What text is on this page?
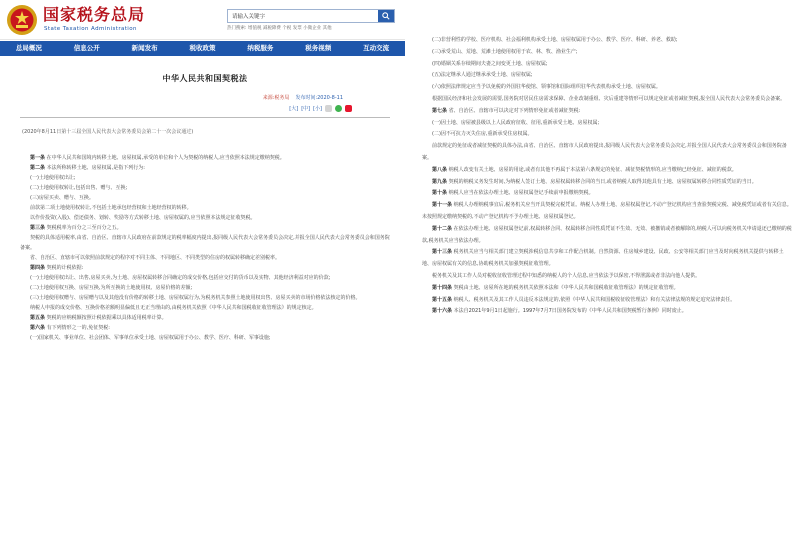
国家税务总局
State Taxation Administration
请输入关键字	热门搜索: 增值税 减税降费 个税 发票 小微企业 其他
总局概况	信息公开	新闻发布	税收政策	纳税服务	税务视频	互动交流
中华人民共和国契税法
来源:税务局 发布时间:2020-8-11
[大] [中] [小]
(2020年8月11日第十三届全国人民代表大会常务委员会第二十一次会议通过)
第一条 在中华人民共和国境内转移土地、房屋权属,承受的单位和个人为契税的纳税人,应当依照本法规定缴纳契税。
第二条 本法所称转移土地、房屋权属,是指下列行为:
(一)土地使用权出让;
(二)土地使用权转让,包括出售、赠与、互换;
(三)房屋买卖、赠与、互换。
前款第二项土地使用权转让,不包括土地承包经营权和土地经营权的转移。
以作价投资(入股)、偿还债务、划转、奖励等方式转移土地、房屋权属的,应当依照本法规定征收契税。
第三条 契税税率为百分之三至百分之五。
契税的具体适用税率,由省、自治区、直辖市人民政府在前款规定的税率幅度内提出,报同级人民代表大会常务委员会决定,并报全国人民代表大会常务委员会和国务院备案。
省、自治区、直辖市可以依照前款规定的程序对不同主体、不同地区、不同类型的住房的权属转移确定差别税率。
第四条 契税的计税依据:
(一)土地使用权出让、出售,房屋买卖,为土地、房屋权属转移合同确定的成交价格,包括应交付的货币以及实物、其他经济利益对应的价款;
(二)土地使用权互换、房屋互换,为所互换的土地使用权、房屋价格的差额;
(三)土地使用权赠与、房屋赠与以及其他没有价格的转移土地、房屋权属行为,为税务机关参照土地使用权出售、房屋买卖的市场价格依法核定的价格。
纳税人申报的成交价格、互换价格差额明显偏低且无正当理由的,由税务机关依照《中华人民共和国税收征收管理法》的规定核定。
第五条 契税的应纳税额按照计税依据乘以具体适用税率计算。
第六条 有下列情形之一的,免征契税:
(一)国家机关、事业单位、社会团体、军事单位承受土地、房屋权属用于办公、教学、医疗、科研、军事设施;
(二)非营利性的学校、医疗机构、社会福利机构承受土地、房屋权属用于办公、教学、医疗、科研、养老、救助;
(三)承受荒山、荒地、荒滩土地使用权用于农、林、牧、渔业生产;
(四)婚姻关系存续期间夫妻之间变更土地、房屋权属;
(五)法定继承人通过继承承受土地、房屋权属;
(六)依照法律规定应当予以免税的外国驻华使馆、领事馆和国际组织驻华代表机构承受土地、房屋权属。
根据国民经济和社会发展的需要,国务院对居民住房需求保障、企业改制重组、灾后重建等情形可以规定免征或者减征契税,报全国人民代表大会常务委员会备案。
第七条 省、自治区、直辖市可以决定对下列情形免征或者减征契税:
(一)因土地、房屋被县级以上人民政府征收、征用,重新承受土地、房屋权属;
(二)因不可抗力灭失住房,重新承受住房权属。
前款规定的免征或者减征契税的具体办法,由省、自治区、直辖市人民政府提出,报同级人民代表大会常务委员会决定,并报全国人民代表大会常务委员会和国务院备案。
第八条 纳税人改变有关土地、房屋的用途,或者有其他不再属于本法第六条规定的免征、减征契税情形的,应当缴纳已经免征、减征的税款。
第九条 契税的纳税义务发生时间,为纳税人签订土地、房屋权属转移合同的当日,或者纳税人取得其他具有土地、房屋权属转移合同性质凭证的当日。
第十条 纳税人应当在依法办理土地、房屋权属登记手续前申报缴纳契税。
第十一条 纳税人办理纳税事宜后,税务机关应当开具契税完税凭证。纳税人办理土地、房屋权属登记,不动产登记机构应当查验契税完税、减免税凭证或者有关信息。未按照规定缴纳契税的,不动产登记机构不予办理土地、房屋权属登记。
第十二条 在依法办理土地、房屋权属登记前,权属转移合同、权属转移合同性质凭证不生效、无效、被撤销或者被解除的,纳税人可以向税务机关申请退还已缴纳的税款,税务机关应当依法办理。
第十三条 税务机关应当与相关部门建立契税涉税信息共享和工作配合机制。自然资源、住房城乡建设、民政、公安等相关部门应当及时向税务机关提供与转移土地、房屋权属有关的信息,协助税务机关加强契税征收管理。
税务机关及其工作人员对税收征收管理过程中知悉的纳税人的个人信息,应当依法予以保密,不得泄露或者非法向他人提供。
第十四条 契税由土地、房屋所在地的税务机关依照本法和《中华人民共和国税收征收管理法》的规定征收管理。
第十五条 纳税人、税务机关及其工作人员违反本法规定的,依照《中华人民共和国税收征收管理法》和有关法律法规的规定追究法律责任。
第十六条 本法自2021年9月1日起施行。1997年7月7日国务院发布的《中华人民共和国契税暂行条例》同时废止。
